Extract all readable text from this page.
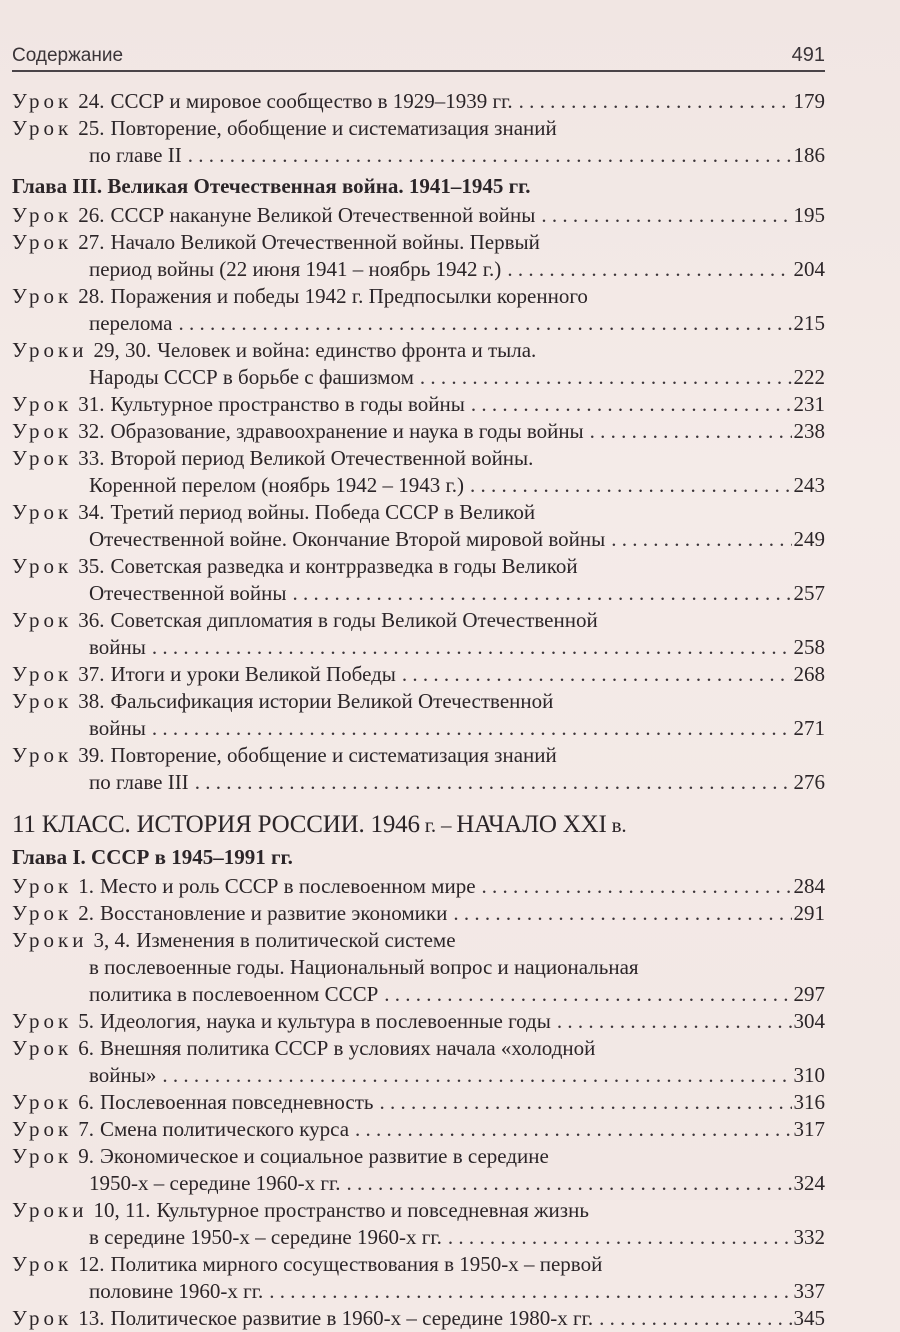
Содержание	491
Урок 24. СССР и мировое сообщество в 1929–1939 гг. . . .	179
Урок 25. Повторение, обобщение и систематизация знаний
по главе II . . .	186
Глава III. Великая Отечественная война. 1941–1945 гг.
Урок 26. СССР накануне Великой Отечественной войны . . .	195
Урок 27. Начало Великой Отечественной войны. Первый
период войны (22 июня 1941 – ноябрь 1942 г.) . . .	204
Урок 28. Поражения и победы 1942 г. Предпосылки коренного
перелома . . .	215
Уроки 29, 30. Человек и война: единство фронта и тыла.
Народы СССР в борьбе с фашизмом . . .	222
Урок 31. Культурное пространство в годы войны . . .	231
Урок 32. Образование, здравоохранение и наука в годы войны . . .	238
Урок 33. Второй период Великой Отечественной войны.
Коренной перелом (ноябрь 1942 – 1943 г.) . . .	243
Урок 34. Третий период войны. Победа СССР в Великой
Отечественной войне. Окончание Второй мировой войны . . .	249
Урок 35. Советская разведка и контрразведка в годы Великой
Отечественной войны . . .	257
Урок 36. Советская дипломатия в годы Великой Отечественной
войны . . .	258
Урок 37. Итоги и уроки Великой Победы . . .	268
Урок 38. Фальсификация истории Великой Отечественной
войны . . .	271
Урок 39. Повторение, обобщение и систематизация знаний
по главе III . . .	276
11 КЛАСС. ИСТОРИЯ РОССИИ. 1946 г. – НАЧАЛО XXI в.
Глава I. СССР в 1945–1991 гг.
Урок 1. Место и роль СССР в послевоенном мире . . .	284
Урок 2. Восстановление и развитие экономики . . .	291
Уроки 3, 4. Изменения в политической системе
в послевоенные годы. Национальный вопрос и национальная
политика в послевоенном СССР . . .	297
Урок 5. Идеология, наука и культура в послевоенные годы . . .	304
Урок 6. Внешняя политика СССР в условиях начала «холодной
войны» . . .	310
Урок 6. Послевоенная повседневность . . .	316
Урок 7. Смена политического курса . . .	317
Урок 9. Экономическое и социальное развитие в середине
1950-х – середине 1960-х гг. . . .	324
Уроки 10, 11. Культурное пространство и повседневная жизнь
в середине 1950-х – середине 1960-х гг. . . .	332
Урок 12. Политика мирного сосуществования в 1950-х – первой
половине 1960-х гг. . . .	337
Урок 13. Политическое развитие в 1960-х – середине 1980-х гг. . . .	345
